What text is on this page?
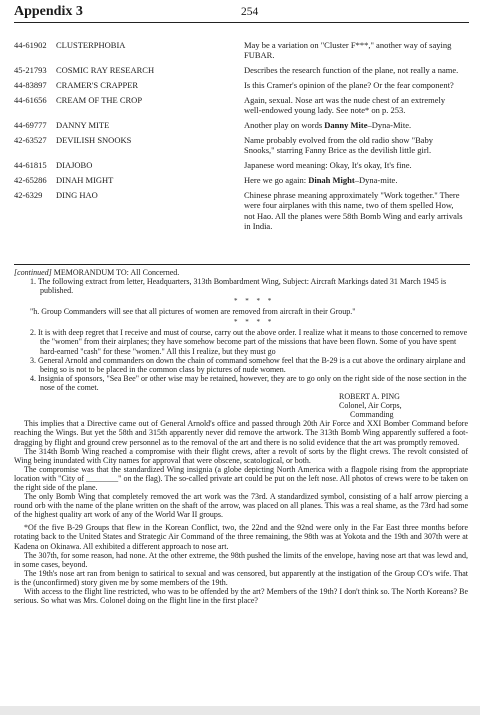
Appendix 3	254
44-61902	CLUSTERPHOBIA	May be a variation on "Cluster F***," another way of saying FUBAR.
45-21793	COSMIC RAY RESEARCH	Describes the research function of the plane, not really a name.
44-83897	CRAMER'S CRAPPER	Is this Cramer's opinion of the plane? Or the fear component?
44-61656	CREAM OF THE CROP	Again, sexual. Nose art was the nude chest of an extremely well-endowed young lady. See note* on p. 253.
44-69777	DANNY MITE	Another play on words Danny Mite–Dyna-Mite.
42-63527	DEVILISH SNOOKS	Name probably evolved from the old radio show "Baby Snooks," starring Fanny Brice as the devilish little girl.
44-61815	DIAJOBO	Japanese word meaning: Okay, It's okay, It's fine.
42-65286	DINAH MIGHT	Here we go again: Dinah Might–Dyna-mite.
42-6329	DING HAO	Chinese phrase meaning approximately "Work together." There were four airplanes with this name, two of them spelled How, not Hao. All the planes were 58th Bomb Wing and early arrivals in India.

[continued] MEMORANDUM TO: All Concerned.

1. The following extract from letter, Headquarters, 313th Bombardment Wing, Subject: Aircraft Markings dated 31 March 1945 is published.

* * * *

"h. Group Commanders will see that all pictures of women are removed from aircraft in their Group."

* * * *

2. It is with deep regret that I receive and must of course, carry out the above order. I realize what it means to those concerned to remove the "women" from their airplanes; they have somehow become part of the missions that have been flown. Some of you have spent hard-earned "cash" for these "women." All this I realize, but they must go

3. General Arnold and commanders on down the chain of command somehow feel that the B-29 is a cut above the ordinary airplane and being so is not to be placed in the common class by pictures of nude women.

4. Insignia of sponsors, "Sea Bee" or other wise may be retained, however, they are to go only on the right side of the nose section in the nose of the comet.

ROBERT A. PING

Colonel, Air Corps,

Commanding

This implies that a Directive came out of General Arnold's office and passed through 20th Air Force and XXI Bomber Command before reaching the Wings. But yet the 58th and 315th apparently never did remove the artwork. The 313th Bomb Wing apparently suffered a foot-dragging by flight and ground crew personnel as to the removal of the art and there is no solid evidence that the art was promptly removed.

The 314th Bomb Wing reached a compromise with their flight crews, after a revolt of sorts by the flight crews. The revolt consisted of Wing being inundated with City names for approval that were obscene, scatological, or both.

The compromise was that the standardized Wing insignia (a globe depicting North America with a flagpole rising from the appropriate location with "City of ________" on the flag). The so-called private art could be put on the left nose. All photos of crews were to be taken on the right side of the plane.

The only Bomb Wing that completely removed the art work was the 73rd. A standardized symbol, consisting of a half arrow piercing a round orb with the name of the plane written on the shaft of the arrow, was placed on all planes. This was a real shame, as the 73rd had some of the highest quality art work of any of the World War II groups.

*Of the five B-29 Groups that flew in the Korean Conflict, two, the 22nd and the 92nd were only in the Far East three months before rotating back to the United States and Strategic Air Command of the three remaining, the 98th was at Yokota and the 19th and 307th were at Kadena on Okinawa. All exhibited a different approach to nose art.

The 307th, for some reason, had none. At the other extreme, the 98th pushed the limits of the envelope, having nose art that was lewd and, in some cases, beyond.

The 19th's nose art ran from benign to satirical to sexual and was censored, but apparently at the instigation of the Group CO's wife. That is the (unconfirmed) story given me by some members of the 19th.

With access to the flight line restricted, who was to be offended by the art? Members of the 19th? I don't think so. The North Koreans? Be serious. So what was Mrs. Colonel doing on the flight line in the first place?
